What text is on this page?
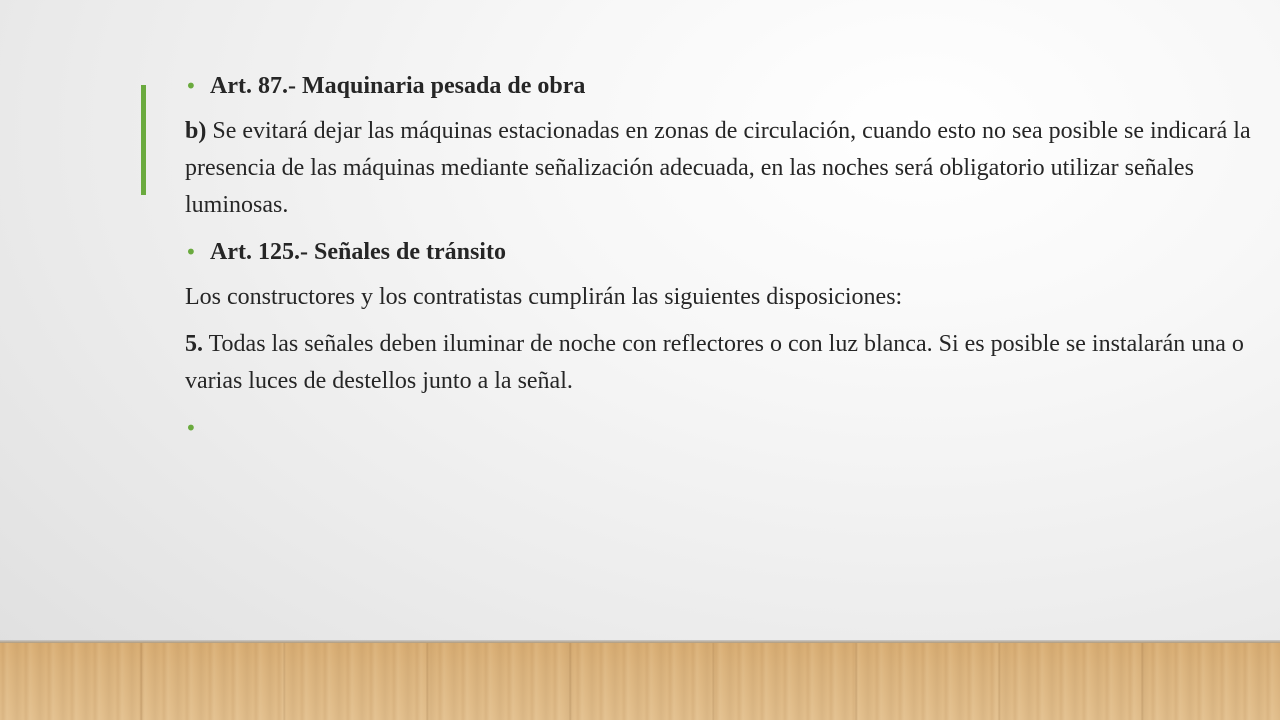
• Art. 87.- Maquinaria pesada de obra
b) Se evitará dejar las máquinas estacionadas en zonas de circulación, cuando esto no sea posible se indicará la presencia de las máquinas mediante señalización adecuada, en las noches será obligatorio utilizar señales luminosas.
• Art. 125.- Señales de tránsito
Los constructores y los contratistas cumplirán las siguientes disposiciones:
5. Todas las señales deben iluminar de noche con reflectores o con luz blanca. Si es posible se instalarán una o varias luces de destellos junto a la señal.
•
